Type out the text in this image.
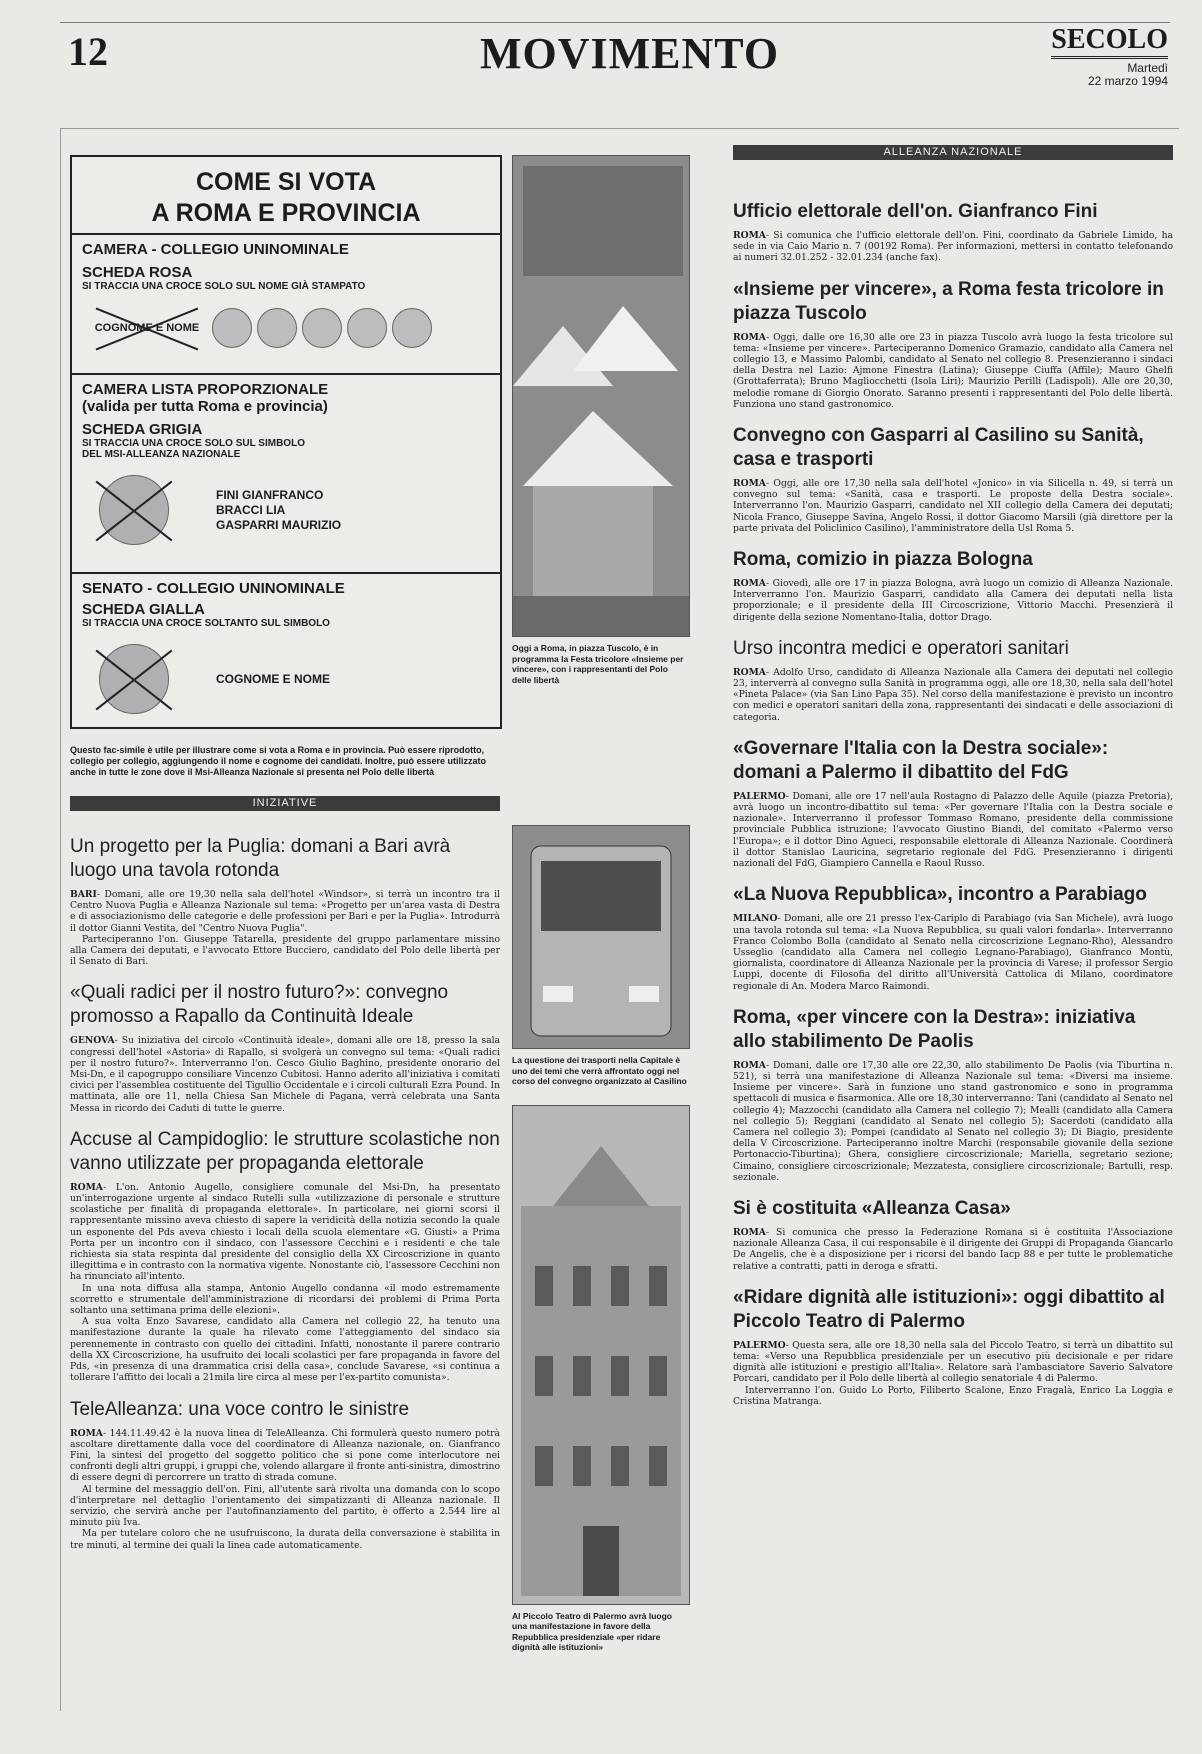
12	MOVIMENTO	SECOLO
Martedì
22 marzo 1994
COME SI VOTA
A ROMA E PROVINCIA
CAMERA - COLLEGIO UNINOMINALE
SCHEDA ROSA
SI TRACCIA UNA CROCE SOLO SUL NOME GIÀ STAMPATO
COGNOME E NOME
CAMERA LISTA PROPORZIONALE
(valida per tutta Roma e provincia)
SCHEDA GRIGIA
SI TRACCIA UNA CROCE SOLO SUL SIMBOLO
DEL MSI-ALLEANZA NAZIONALE
FINI GIANFRANCO
BRACCI LIA
GASPARRI MAURIZIO
SENATO - COLLEGIO UNINOMINALE
SCHEDA GIALLA
SI TRACCIA UNA CROCE SOLTANTO SUL SIMBOLO
COGNOME E NOME
Questo fac-simile è utile per illustrare come si vota a Roma e in provincia. Può essere riprodotto, collegio per collegio, aggiungendo il nome e cognome dei candidati. Inoltre, può essere utilizzato anche in tutte le zone dove il Msi-Alleanza Nazionale si presenta nel Polo delle libertà
INIZIATIVE
Un progetto per la Puglia: domani a Bari avrà luogo una tavola rotonda

BARI- Domani, alle ore 19,30 nella sala dell'hotel «Windsor», si terrà un incontro tra il Centro Nuova Puglia e Alleanza Nazionale sul tema: «Progetto per un'area vasta di Destra e di associazionismo delle categorie e delle professioni per Bari e per la Puglia». Introdurrà il dottor Gianni Vestita, del "Centro Nuova Puglia".

Parteciperanno l'on. Giuseppe Tatarella, presidente del gruppo parlamentare missino alla Camera dei deputati, e l'avvocato Ettore Bucciero, candidato del Polo delle libertà per il Senato di Bari.

«Quali radici per il nostro futuro?»: convegno promosso a Rapallo da Continuità Ideale

GENOVA- Su iniziativa del circolo «Continuità ideale», domani alle ore 18, presso la sala congressi dell'hotel «Astoria» di Rapallo, si svolgerà un convegno sul tema: «Quali radici per il nostro futuro?». Interverranno l'on. Cesco Giulio Baghino, presidente onorario del Msi-Dn, e il capogruppo consiliare Vincenzo Cubitosi. Hanno aderito all'iniziativa i comitati civici per l'assemblea costituente del Tigullio Occidentale e i circoli culturali Ezra Pound. In mattinata, alle ore 11, nella Chiesa San Michele di Pagana, verrà celebrata una Santa Messa in ricordo dei Caduti di tutte le guerre.

Accuse al Campidoglio: le strutture scolastiche non vanno utilizzate per propaganda elettorale

ROMA- L'on. Antonio Augello, consigliere comunale del Msi-Dn, ha presentato un'interrogazione urgente al sindaco Rutelli sulla «utilizzazione di personale e strutture scolastiche per finalità di propaganda elettorale». In particolare, nei giorni scorsi il rappresentante missino aveva chiesto di sapere la veridicità della notizia secondo la quale un esponente del Pds aveva chiesto i locali della scuola elementare «G. Giusti» a Prima Porta per un incontro con il sindaco, con l'assessore Cecchini e i residenti e che tale richiesta sia stata respinta dal presidente del consiglio della XX Circoscrizione in quanto illegittima e in contrasto con la normativa vigente. Nonostante ciò, l'assessore Cecchini non ha rinunciato all'intento.

In una nota diffusa alla stampa, Antonio Augello condanna «il modo estremamente scorretto e strumentale dell'amministrazione di ricordarsi dei problemi di Prima Porta soltanto una settimana prima delle elezioni».

A sua volta Enzo Savarese, candidato alla Camera nel collegio 22, ha tenuto una manifestazione durante la quale ha rilevato come l'atteggiamento del sindaco sia perennemente in contrasto con quello dei cittadini. Infatti, nonostante il parere contrario della XX Circoscrizione, ha usufruito dei locali scolastici per fare propaganda in favore del Pds, «in presenza di una drammatica crisi della casa», conclude Savarese, «si continua a tollerare l'affitto dei locali a 21mila lire circa al mese per l'ex-partito comunista».

TeleAlleanza: una voce contro le sinistre

ROMA- 144.11.49.42 è la nuova linea di TeleAlleanza. Chi formulerà questo numero potrà ascoltare direttamente dalla voce del coordinatore di Alleanza nazionale, on. Gianfranco Fini, la sintesi del progetto del soggetto politico che si pone come interlocutore nei confronti degli altri gruppi, i gruppi che, volendo allargare il fronte anti-sinistra, dimostrino di essere degni di percorrere un tratto di strada comune.

Al termine del messaggio dell'on. Fini, all'utente sarà rivolta una domanda con lo scopo d'interpretare nel dettaglio l'orientamento dei simpatizzanti di Alleanza nazionale. Il servizio, che servirà anche per l'autofinanziamento del partito, è offerto a 2.544 lire al minuto più Iva.

Ma per tutelare coloro che ne usufruiscono, la durata della conversazione è stabilita in tre minuti, al termine dei quali la linea cade automaticamente.

Oggi a Roma, in piazza Tuscolo, è in programma la Festa tricolore «Insieme per vincere», con i rappresentanti del Polo delle libertà
La questione dei trasporti nella Capitale è uno dei temi che verrà affrontato oggi nel corso del convegno organizzato al Casilino
Al Piccolo Teatro di Palermo avrà luogo una manifestazione in favore della Repubblica presidenziale «per ridare dignità alle istituzioni»
ALLEANZA NAZIONALE
Ufficio elettorale dell'on. Gianfranco Fini

ROMA- Si comunica che l'ufficio elettorale dell'on. Fini, coordinato da Gabriele Limido, ha sede in via Caio Mario n. 7 (00192 Roma). Per informazioni, mettersi in contatto telefonando ai numeri 32.01.252 - 32.01.234 (anche fax).

«Insieme per vincere», a Roma festa tricolore in piazza Tuscolo

ROMA- Oggi, dalle ore 16,30 alle ore 23 in piazza Tuscolo avrà luogo la festa tricolore sul tema: «Insieme per vincere». Parteciperanno Domenico Gramazio, candidato alla Camera nel collegio 13, e Massimo Palombi, candidato al Senato nel collegio 8. Presenzieranno i sindaci della Destra nel Lazio: Ajmone Finestra (Latina); Giuseppe Ciuffa (Affile); Mauro Ghelfi (Grottaferrata); Bruno Magliocchetti (Isola Liri); Maurizio Perilli (Ladispoli). Alle ore 20,30, melodie romane di Giorgio Onorato. Saranno presenti i rappresentanti del Polo delle libertà. Funziona uno stand gastronomico.

Convegno con Gasparri al Casilino su Sanità, casa e trasporti

ROMA- Oggi, alle ore 17,30 nella sala dell'hotel «Jonico» in via Silicella n. 49, si terrà un convegno sul tema: «Sanità, casa e trasporti. Le proposte della Destra sociale». Interverranno l'on. Maurizio Gasparri, candidato nel XII collegio della Camera dei deputati; Nicola Franco, Giuseppe Savina, Angelo Rossi, il dottor Giacomo Marsili (già direttore per la parte privata del Policlinico Casilino), l'amministratore della Usl Roma 5.

Roma, comizio in piazza Bologna

ROMA- Giovedì, alle ore 17 in piazza Bologna, avrà luogo un comizio di Alleanza Nazionale. Interverranno l'on. Maurizio Gasparri, candidato alla Camera dei deputati nella lista proporzionale; e il presidente della III Circoscrizione, Vittorio Macchi. Presenzierà il dirigente della sezione Nomentano-Italia, dottor Drago.

Urso incontra medici e operatori sanitari

ROMA- Adolfo Urso, candidato di Alleanza Nazionale alla Camera dei deputati nel collegio 23, interverrà al convegno sulla Sanità in programma oggi, alle ore 18,30, nella sala dell'hotel «Pineta Palace» (via San Lino Papa 35). Nel corso della manifestazione è previsto un incontro con medici e operatori sanitari della zona, rappresentanti dei sindacati e delle associazioni di categoria.

«Governare l'Italia con la Destra sociale»: domani a Palermo il dibattito del FdG

PALERMO- Domani, alle ore 17 nell'aula Rostagno di Palazzo delle Aquile (piazza Pretoria), avrà luogo un incontro-dibattito sul tema: «Per governare l'Italia con la Destra sociale e nazionale». Interverranno il professor Tommaso Romano, presidente della commissione provinciale Pubblica istruzione; l'avvocato Giustino Biandi, del comitato «Palermo verso l'Europa»; e il dottor Dino Agueci, responsabile elettorale di Alleanza Nazionale. Coordinerà il dottor Stanislao Lauricina, segretario regionale del FdG. Presenzieranno i dirigenti nazionali del FdG, Giampiero Cannella e Raoul Russo.

«La Nuova Repubblica», incontro a Parabiago

MILANO- Domani, alle ore 21 presso l'ex-Cariplo di Parabiago (via San Michele), avrà luogo una tavola rotonda sul tema: «La Nuova Repubblica, su quali valori fondarla». Interverranno Franco Colombo Bolla (candidato al Senato nella circoscrizione Legnano-Rho), Alessandro Usseglio (candidato alla Camera nel collegio Legnano-Parabiago), Gianfranco Montù, giornalista, coordinatore di Alleanza Nazionale per la provincia di Varese; il professor Sergio Luppi, docente di Filosofia del diritto all'Università Cattolica di Milano, coordinatore regionale di An. Modera Marco Raimondi.

Roma, «per vincere con la Destra»: iniziativa allo stabilimento De Paolis

ROMA- Domani, dalle ore 17,30 alle ore 22,30, allo stabilimento De Paolis (via Tiburtina n. 521), si terrà una manifestazione di Alleanza Nazionale sul tema: «Diversi ma insieme. Insieme per vincere». Sarà in funzione uno stand gastronomico e sono in programma spettacoli di musica e fisarmonica. Alle ore 18,30 interverranno: Tani (candidato al Senato nel collegio 4); Mazzocchi (candidato alla Camera nel collegio 7); Mealli (candidato alla Camera nel collegio 5); Reggiani (candidato al Senato nel collegio 5); Sacerdoti (candidato alla Camera nel collegio 3); Pompei (candidato al Senato nel collegio 3); Di Biagio, presidente della V Circoscrizione. Parteciperanno inoltre Marchi (responsabile giovanile della sezione Portonaccio-Tiburtina); Ghera, consigliere circoscrizionale; Mariella, segretario sezione; Cimaino, consigliere circoscrizionale; Mezzatesta, consigliere circoscrizionale; Bartulli, resp. sezionale.

Si è costituita «Alleanza Casa»

ROMA- Si comunica che presso la Federazione Romana si è costituita l'Associazione nazionale Alleanza Casa, il cui responsabile è il dirigente dei Gruppi di Propaganda Giancarlo De Angelis, che è a disposizione per i ricorsi del bando Iacp 88 e per tutte le problematiche relative a contratti, patti in deroga e sfratti.

«Ridare dignità alle istituzioni»: oggi dibattito al Piccolo Teatro di Palermo

PALERMO- Questa sera, alle ore 18,30 nella sala del Piccolo Teatro, si terrà un dibattito sul tema: «Verso una Repubblica presidenziale per un esecutivo più decisionale e per ridare dignità alle istituzioni e prestigio all'Italia». Relatore sarà l'ambasciatore Saverio Salvatore Porcari, candidato per il Polo delle libertà al collegio senatoriale 4 di Palermo.

Interverranno l'on. Guido Lo Porto, Filiberto Scalone, Enzo Fragalà, Enrico La Loggia e Cristina Matranga.
